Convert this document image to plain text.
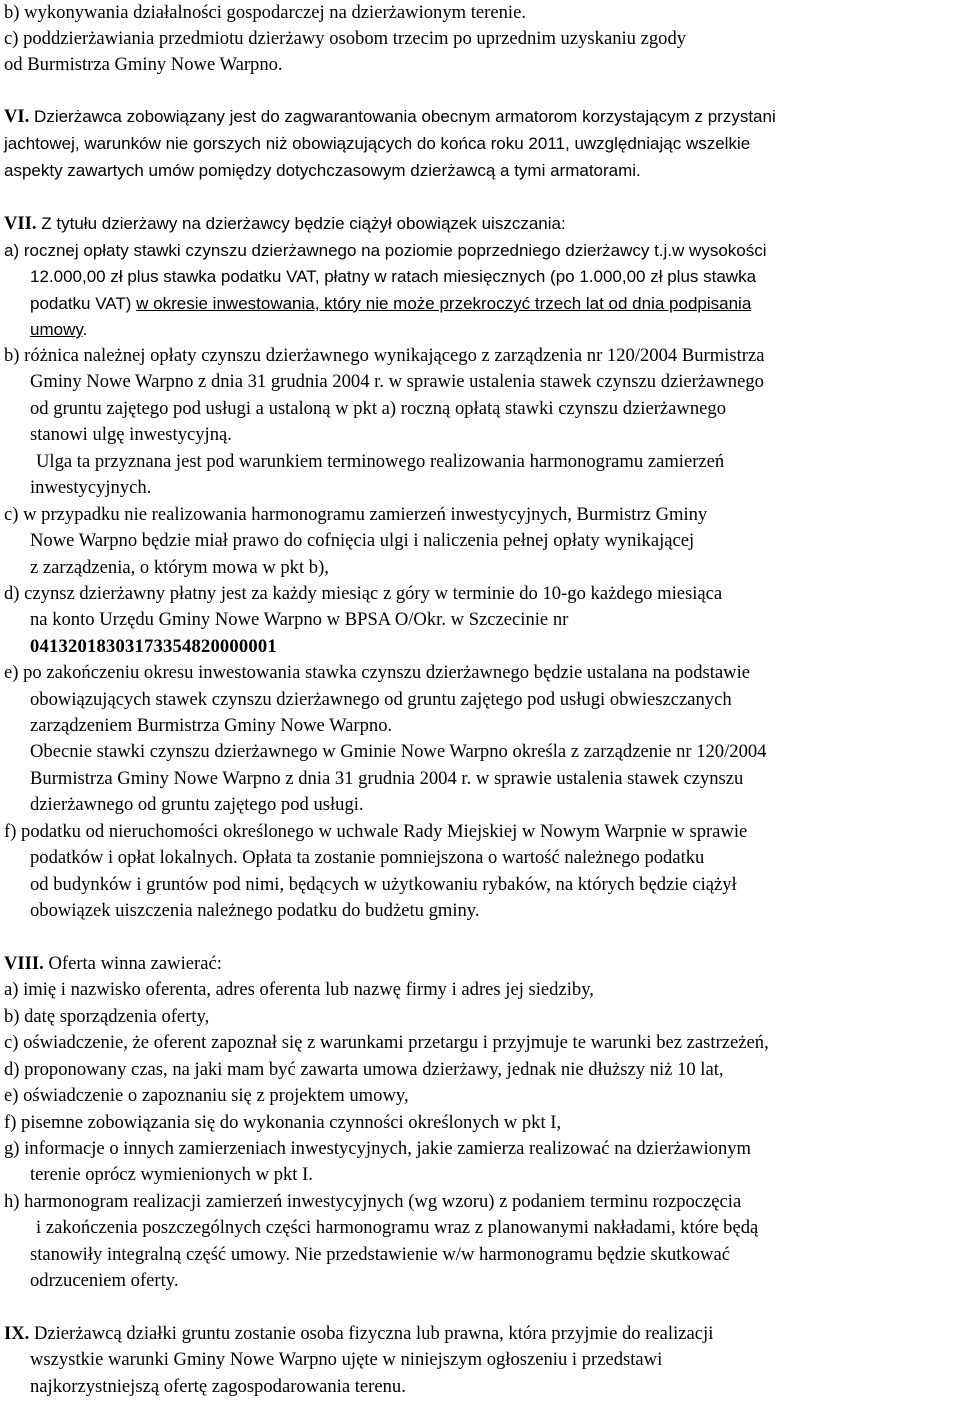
b) wykonywania działalności gospodarczej na dzierżawionym terenie.
c) poddzierżawiania przedmiotu dzierżawy osobom trzecim po uprzednim uzyskaniu zgody
od Burmistrza Gminy Nowe Warpno.
VI. Dzierżawca zobowiązany jest do zagwarantowania obecnym armatorom korzystającym z przystani
jachtowej, warunków nie gorszych niż obowiązujących do końca roku 2011, uwzględniając wszelkie
aspekty zawartych umów pomiędzy dotychczasowym dzierżawcą a tymi armatorami.
VII. Z tytułu dzierżawy na dzierżawcy będzie ciążył obowiązek uiszczania:
a) rocznej opłaty stawki czynszu dzierżawnego na poziomie poprzedniego dzierżawcy t.j.w wysokości
12.000,00 zł plus stawka podatku VAT, płatny w ratach miesięcznych (po 1.000,00 zł plus stawka
podatku VAT) w okresie inwestowania, który nie może przekroczyć trzech lat od dnia podpisania
umowy.
b) różnica należnej opłaty czynszu dzierżawnego wynikającego z zarządzenia nr 120/2004 Burmistrza
Gminy Nowe Warpno z dnia 31 grudnia 2004 r. w sprawie ustalenia stawek czynszu dzierżawnego
od gruntu zajętego pod usługi a ustaloną w pkt a) roczną opłatą stawki czynszu dzierżawnego
stanowi ulgę inwestycyjną.
Ulga ta przyznana jest pod warunkiem terminowego realizowania harmonogramu zamierzeń
inwestycyjnych.
c) w przypadku nie realizowania harmonogramu zamierzeń inwestycyjnych, Burmistrz Gminy
Nowe Warpno będzie miał prawo do cofnięcia ulgi i naliczenia pełnej opłaty wynikającej
z zarządzenia, o którym mowa w pkt b),
d) czynsz dzierżawny płatny jest za każdy miesiąc z góry w terminie do 10-go każdego miesiąca
na konto Urzędu Gminy Nowe Warpno w BPSA O/Okr. w Szczecinie nr
04132018303173354820000001
e) po zakończeniu okresu inwestowania stawka czynszu dzierżawnego będzie ustalana na podstawie
obowiązujących stawek czynszu dzierżawnego od gruntu zajętego pod usługi obwieszczanych
zarządzeniem Burmistrza Gminy Nowe Warpno.
Obecnie stawki czynszu dzierżawnego w Gminie Nowe Warpno określa z zarządzenie nr 120/2004
Burmistrza Gminy Nowe Warpno z dnia 31 grudnia 2004 r. w sprawie ustalenia stawek czynszu
dzierżawnego od gruntu zajętego pod usługi.
f) podatku od nieruchomości określonego w uchwale Rady Miejskiej w Nowym Warpnie w sprawie
podatków i opłat lokalnych. Opłata ta zostanie pomniejszona o wartość należnego podatku
od budynków i gruntów pod nimi, będących w użytkowaniu rybaków, na których będzie ciążył
obowiązek uiszczenia należnego podatku do budżetu gminy.
VIII. Oferta winna zawierać:
a) imię i nazwisko oferenta, adres oferenta lub nazwę firmy i adres jej siedziby,
b) datę sporządzenia oferty,
c) oświadczenie, że oferent zapoznał się z warunkami przetargu i przyjmuje te warunki bez zastrzeżeń,
d) proponowany czas, na jaki mam być zawarta umowa dzierżawy, jednak nie dłuższy niż 10 lat,
e) oświadczenie o zapoznaniu się z projektem umowy,
f) pisemne zobowiązania się do wykonania czynności określonych w pkt I,
g) informacje o innych zamierzeniach inwestycyjnych, jakie zamierza realizować na dzierżawionym
terenie oprócz wymienionych w pkt I.
h) harmonogram realizacji zamierzeń inwestycyjnych (wg wzoru) z podaniem terminu rozpoczęcia
i zakończenia poszczególnych części harmonogramu wraz z planowanymi nakładami, które będą
stanowiły integralną część umowy. Nie przedstawienie w/w harmonogramu będzie skutkować
odrzuceniem oferty.
IX. Dzierżawcą działki gruntu zostanie osoba fizyczna lub prawna, która przyjmie do realizacji
wszystkie warunki Gminy Nowe Warpno ujęte w niniejszym ogłoszeniu i przedstawi
najkorzystniejszą ofertę zagospodarowania terenu.
